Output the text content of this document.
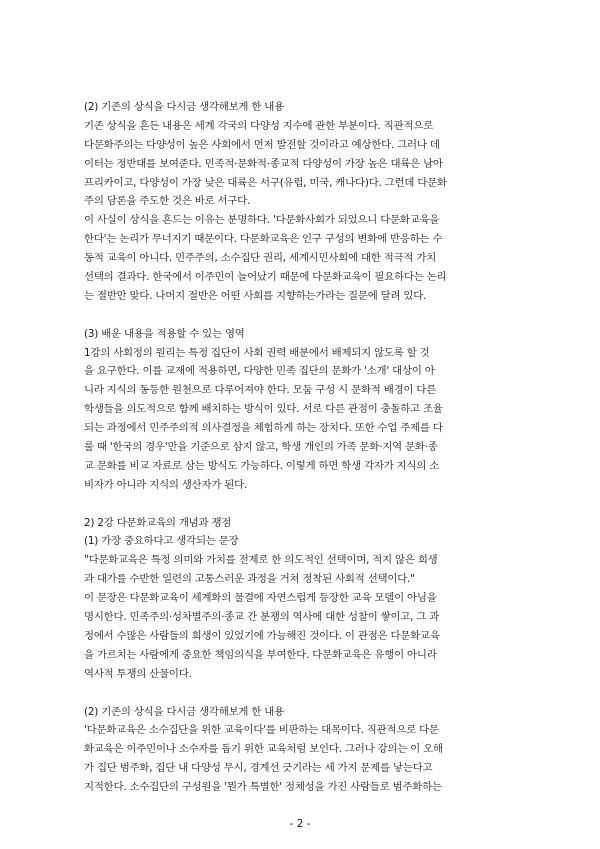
(2) 기존의 상식을 다시금 생각해보게 한 내용
기존 상식을 흔든 내용은 세계 각국의 다양성 지수에 관한 부분이다. 직관적으로
다문화주의는 다양성이 높은 사회에서 먼저 발전할 것이라고 예상한다. 그러나 데
이터는 정반대를 보여준다. 민족적·문화적·종교적 다양성이 가장 높은 대륙은 남아
프리카이고, 다양성이 가장 낮은 대륙은 서구(유럽, 미국, 캐나다)다. 그런데 다문화
주의 담론을 주도한 것은 바로 서구다.
이 사실이 상식을 흔드는 이유는 분명하다. '다문화사회가 되었으니 다문화교육을
한다'는 논리가 무너지기 때문이다. 다문화교육은 인구 구성의 변화에 반응하는 수
동적 교육이 아니다. 민주주의, 소수집단 권리, 세계시민사회에 대한 적극적 가치
선택의 결과다. 한국에서 이주민이 늘어났기 때문에 다문화교육이 필요하다는 논리
는 절반만 맞다. 나머지 절반은 어떤 사회를 지향하는가라는 질문에 달려 있다.
(3) 배운 내용을 적용할 수 있는 영역
1강의 사회정의 원리는 특정 집단이 사회 권력 배분에서 배제되지 않도록 할 것
을 요구한다. 이를 교재에 적용하면, 다양한 민족 집단의 문화가 '소개' 대상이 아
니라 지식의 동등한 원천으로 다루어져야 한다. 모둠 구성 시 문화적 배경이 다른
학생들을 의도적으로 함께 배치하는 방식이 있다. 서로 다른 관점이 충돌하고 조율
되는 과정에서 민주주의적 의사결정을 체험하게 하는 장치다. 또한 수업 주제를 다
룰 때 '한국의 경우'만을 기준으로 삼지 않고, 학생 개인의 가족 문화·지역 문화·종
교 문화를 비교 자료로 삼는 방식도 가능하다. 이렇게 하면 학생 각자가 지식의 소
비자가 아니라 지식의 생산자가 된다.
2) 2강 다문화교육의 개념과 쟁점
(1) 가장 중요하다고 생각되는 문장
"다문화교육은 특정 의미와 가치를 전제로 한 의도적인 선택이며, 적지 않은 희생
과 대가를 수반한 일련의 고통스러운 과정을 거쳐 정착된 사회적 선택이다."
이 문장은 다문화교육이 세계화의 물결에 자연스럽게 등장한 교육 모델이 아님을
명시한다. 민족주의·성차별주의·종교 간 분쟁의 역사에 대한 성찰이 쌓이고, 그 과
정에서 수많은 사람들의 희생이 있었기에 가능해진 것이다. 이 관점은 다문화교육
을 가르치는 사람에게 중요한 책임의식을 부여한다. 다문화교육은 유행이 아니라
역사적 투쟁의 산물이다.
(2) 기존의 상식을 다시금 생각해보게 한 내용
'다문화교육은 소수집단을 위한 교육이다'를 비판하는 대목이다. 직관적으로 다문
화교육은 이주민이나 소수자를 돕기 위한 교육처럼 보인다. 그러나 강의는 이 오해
가 집단 범주화, 집단 내 다양성 무시, 경계선 긋기라는 세 가지 문제를 낳는다고
지적한다. 소수집단의 구성원을 '뭔가 특별한' 정체성을 가진 사람들로 범주화하는
- 2 -
